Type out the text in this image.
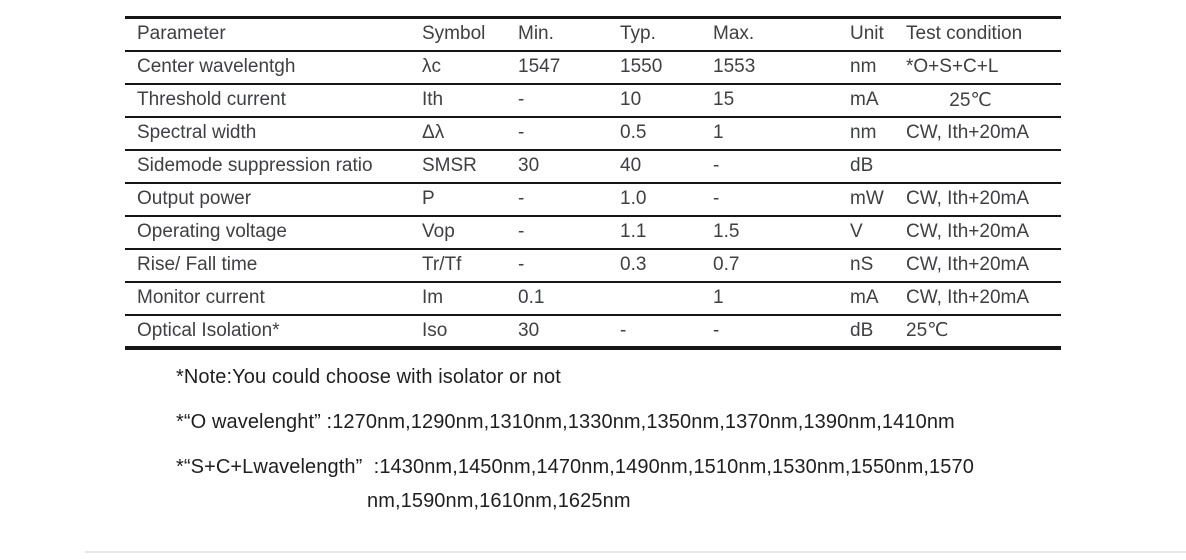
Parameter	Symbol	Min.	Typ.	Max.	Unit	Test condition
Center wavelentgh	λc	1547	1550	1553	nm	*O+S+C+L
Threshold current	Ith	-	10	15	mA	25℃
Spectral width	Δλ	-	0.5	1	nm	CW, Ith+20mA
Sidemode suppression ratio	SMSR	30	40	-	dB	
Output power	P	-	1.0	-	mW	CW, Ith+20mA
Operating voltage	Vop	-	1.1	1.5	V	CW, Ith+20mA
Rise/ Fall time	Tr/Tf	-	0.3	0.7	nS	CW, Ith+20mA
Monitor current	Im	0.1		1	mA	CW, Ith+20mA
Optical Isolation*	Iso	30	-	-	dB	25℃
*Note:You could choose with isolator or not
*“O wavelenght” :1270nm,1290nm,1310nm,1330nm,1350nm,1370nm,1390nm,1410nm
*“S+C+Lwavelength”  :1430nm,1450nm,1470nm,1490nm,1510nm,1530nm,1550nm,1570
nm,1590nm,1610nm,1625nm
